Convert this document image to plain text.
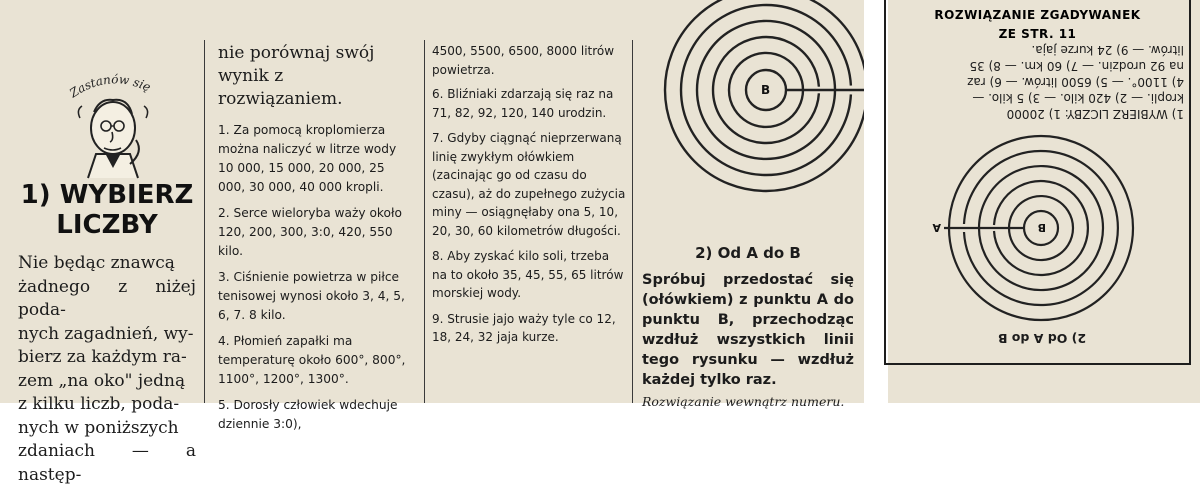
Zastanów się
1) WYBIERZ LICZBY
Nie będąc znawcą
żadnego z niżej poda-
nych zagadnień, wy-
bierz za każdym ra-
zem „na oko" jedną
z kilku liczb, poda-
nych w poniższych
zdaniach — a następ-
nie porównaj swój wynik z rozwiązaniem.
1. Za pomocą kroplomierza można naliczyć w litrze wody 10 000, 15 000, 20 000, 25 000, 30 000, 40 000 kropli.
2. Serce wieloryba waży około 120, 200, 300, 3:0, 420, 550 kilo.
3. Ciśnienie powietrza w piłce tenisowej wynosi około 3, 4, 5, 6, 7. 8 kilo.
4. Płomień zapałki ma temperaturę około 600°, 800°, 1100°, 1200°, 1300°.
5. Dorosły człowiek wdechuje dziennie 3:0),
4500, 5500, 6500, 8000 litrów powietrza.
6. Bliźniaki zdarzają się raz na 71, 82, 92, 120, 140 urodzin.
7. Gdyby ciągnąć nieprzerwaną linię zwykłym ołówkiem (zacinając go od czasu do czasu), aż do zupełnego zużycia miny — osiągnęłaby ona 5, 10, 20, 30, 60 kilometrów długości.
8. Aby zyskać kilo soli, trzeba na to około 35, 45, 55, 65 litrów morskiej wody.
9. Strusie jajo waży tyle co 12, 18, 24, 32 jaja kurze.
B
2) Od A do B
Spróbuj przedostać się (ołówkiem) z punktu A do punktu B, przechodząc wzdłuż wszystkich linii tego rysunku — wzdłuż każdej tylko raz.
Rozwiązanie wewnątrz numeru.
ROZWIĄZANIE ZGADYWANEK
ZE STR. 11
1) WYBIERZ LICZBY: 1) 20000
kropli. — 2) 420 kilo. — 3) 5 kilo. —
4) 1100°. — 5) 6500 litrów. — 6) raz
na 92 urodzin. — 7) 60 km. — 8) 35
litrów. — 9) 24 kurze jaja.
A	B
2) Od A do B
